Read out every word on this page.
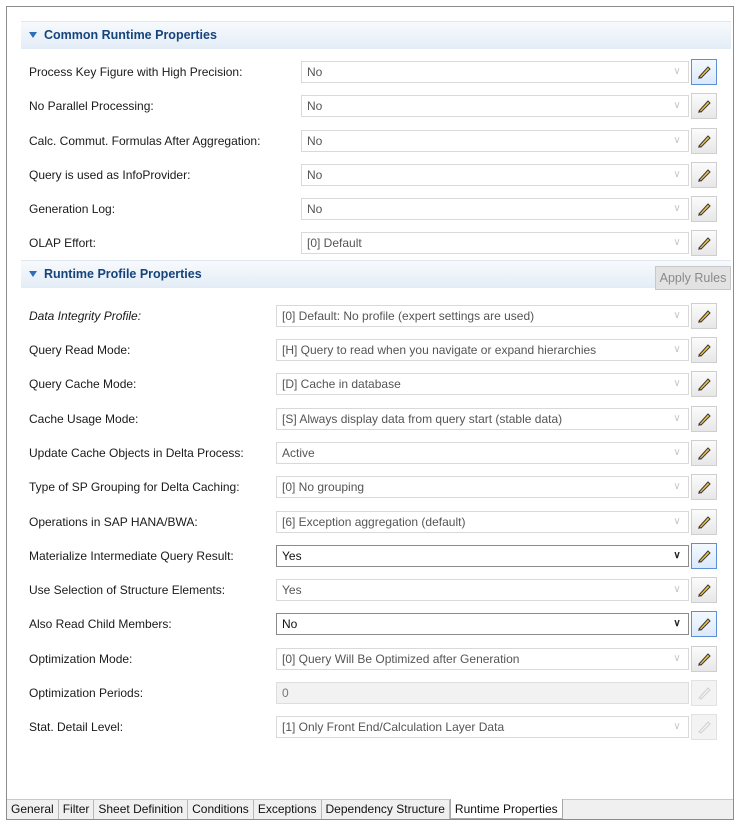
Common Runtime Properties
Process Key Figure with High Precision:	No	∨
No Parallel Processing:	No	∨
Calc. Commut. Formulas After Aggregation:	No	∨
Query is used as InfoProvider:	No	∨
Generation Log:	No	∨
OLAP Effort:	[0] Default	∨
Runtime Profile Properties	Apply Rules
Data Integrity Profile:	[0] Default: No profile (expert settings are used)	∨
Query Read Mode:	[H] Query to read when you navigate or expand hierarchies	∨
Query Cache Mode:	[D] Cache in database	∨
Cache Usage Mode:	[S] Always display data from query start (stable data)	∨
Update Cache Objects in Delta Process:	Active	∨
Type of SP Grouping for Delta Caching:	[0] No grouping	∨
Operations in SAP HANA/BWA:	[6] Exception aggregation (default)	∨
Materialize Intermediate Query Result:	Yes	∨
Use Selection of Structure Elements:	Yes	∨
Also Read Child Members:	No	∨
Optimization Mode:	[0] Query Will Be Optimized after Generation	∨
Optimization Periods:	0
Stat. Detail Level:	[1] Only Front End/Calculation Layer Data	∨
General Filter Sheet Definition Conditions Exceptions Dependency Structure Runtime Properties
